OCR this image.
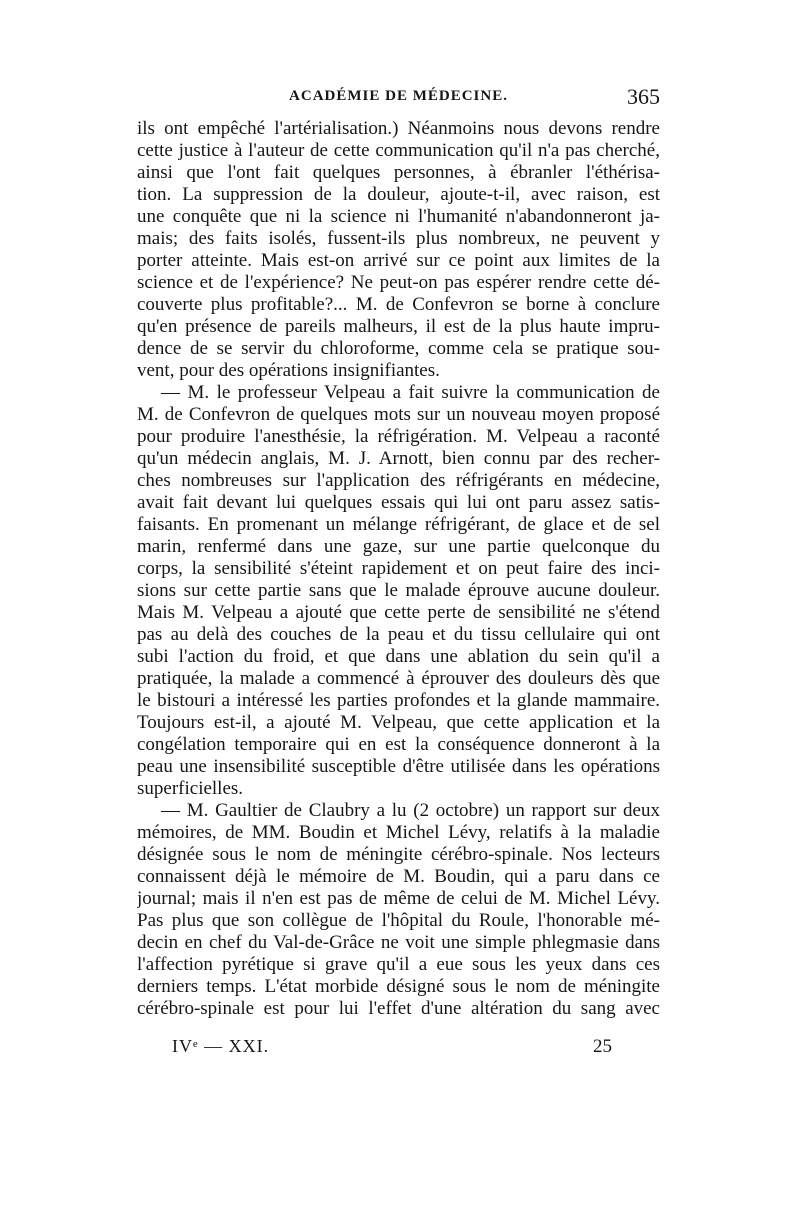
ACADÉMIE DE MÉDECINE.	365
ils ont empêché l'artérialisation.) Néanmoins nous devons rendre
cette justice à l'auteur de cette communication qu'il n'a pas cherché,
ainsi que l'ont fait quelques personnes, à ébranler l'éthérisa-
tion. La suppression de la douleur, ajoute-t-il, avec raison, est
une conquête que ni la science ni l'humanité n'abandonneront ja-
mais; des faits isolés, fussent-ils plus nombreux, ne peuvent y
porter atteinte. Mais est-on arrivé sur ce point aux limites de la
science et de l'expérience? Ne peut-on pas espérer rendre cette dé-
couverte plus profitable?... M. de Confevron se borne à conclure
qu'en présence de pareils malheurs, il est de la plus haute impru-
dence de se servir du chloroforme, comme cela se pratique sou-
vent, pour des opérations insignifiantes.
— M. le professeur Velpeau a fait suivre la communication de
M. de Confevron de quelques mots sur un nouveau moyen proposé
pour produire l'anesthésie, la réfrigération. M. Velpeau a raconté
qu'un médecin anglais, M. J. Arnott, bien connu par des recher-
ches nombreuses sur l'application des réfrigérants en médecine,
avait fait devant lui quelques essais qui lui ont paru assez satis-
faisants. En promenant un mélange réfrigérant, de glace et de sel
marin, renfermé dans une gaze, sur une partie quelconque du
corps, la sensibilité s'éteint rapidement et on peut faire des inci-
sions sur cette partie sans que le malade éprouve aucune douleur.
Mais M. Velpeau a ajouté que cette perte de sensibilité ne s'étend
pas au delà des couches de la peau et du tissu cellulaire qui ont
subi l'action du froid, et que dans une ablation du sein qu'il a
pratiquée, la malade a commencé à éprouver des douleurs dès que
le bistouri a intéressé les parties profondes et la glande mammaire.
Toujours est-il, a ajouté M. Velpeau, que cette application et la
congélation temporaire qui en est la conséquence donneront à la
peau une insensibilité susceptible d'être utilisée dans les opérations
superficielles.
— M. Gaultier de Claubry a lu (2 octobre) un rapport sur deux
mémoires, de MM. Boudin et Michel Lévy, relatifs à la maladie
désignée sous le nom de méningite cérébro-spinale. Nos lecteurs
connaissent déjà le mémoire de M. Boudin, qui a paru dans ce
journal; mais il n'en est pas de même de celui de M. Michel Lévy.
Pas plus que son collègue de l'hôpital du Roule, l'honorable mé-
decin en chef du Val-de-Grâce ne voit une simple phlegmasie dans
l'affection pyrétique si grave qu'il a eue sous les yeux dans ces
derniers temps. L'état morbide désigné sous le nom de méningite
cérébro-spinale est pour lui l'effet d'une altération du sang avec
IVᵉ — XXI.	25
